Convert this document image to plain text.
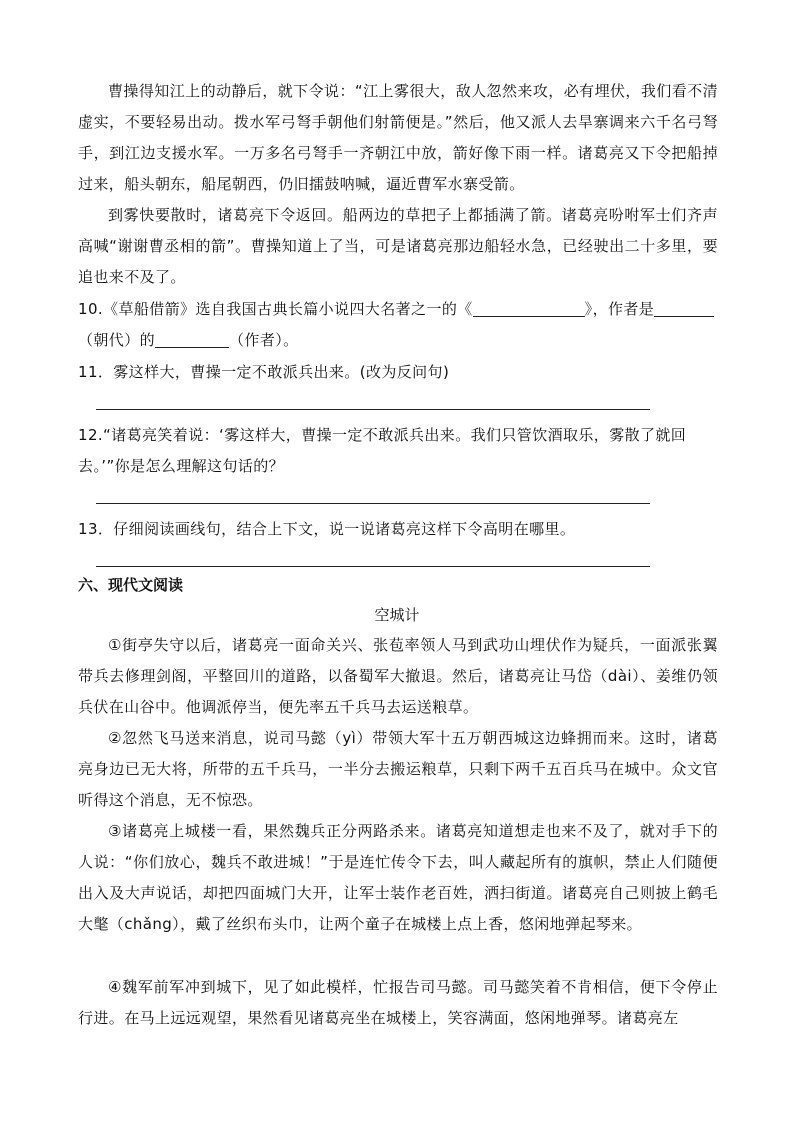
曹操得知江上的动静后，就下令说：“江上雾很大，敌人忽然来攻，必有埋伏，我们看不清虚实，不要轻易出动。拨水军弓弩手朝他们射箭便是。”然后，他又派人去旱寨调来六千名弓弩手，到江边支援水军。一万多名弓弩手一齐朝江中放，箭好像下雨一样。诸葛亮又下令把船掉过来，船头朝东，船尾朝西，仍旧擂鼓呐喊，逼近曹军水寨受箭。

到雾快要散时，诸葛亮下令返回。船两边的草把子上都插满了箭。诸葛亮吩咐军士们齐声高喊“谢谢曹丞相的箭”。曹操知道上了当，可是诸葛亮那边船轻水急，已经驶出二十多里，要追也来不及了。

10.《草船借箭》选自我国古典长篇小说四大名著之一的《	》，作者是
（朝代）的	（作者）。

11．雾这样大，曹操一定不敢派兵出来。(改为反问句)

12.“诸葛亮笑着说：‘雾这样大，曹操一定不敢派兵出来。我们只管饮酒取乐，雾散了就回去。’”你是怎么理解这句话的？

13．仔细阅读画线句，结合上下文，说一说诸葛亮这样下令高明在哪里。

六、现代文阅读

空城计

①街亭失守以后，诸葛亮一面命关兴、张苞率领人马到武功山埋伏作为疑兵，一面派张翼带兵去修理剑阁，平整回川的道路，以备蜀军大撤退。然后，诸葛亮让马岱（dài）、姜维仍领兵伏在山谷中。他调派停当，便先率五千兵马去运送粮草。

②忽然飞马送来消息，说司马懿（yì）带领大军十五万朝西城这边蜂拥而来。这时，诸葛亮身边已无大将，所带的五千兵马，一半分去搬运粮草，只剩下两千五百兵马在城中。众文官听得这个消息，无不惊恐。

③诸葛亮上城楼一看，果然魏兵正分两路杀来。诸葛亮知道想走也来不及了，就对手下的人说：“你们放心，魏兵不敢进城！”于是连忙传令下去，叫人藏起所有的旗帜，禁止人们随便出入及大声说话，却把四面城门大开，让军士装作老百姓，洒扫街道。诸葛亮自己则披上鹤毛大氅（chǎng），戴了丝织布头巾，让两个童子在城楼上点上香，悠闲地弹起琴来。

④魏军前军冲到城下，见了如此模样，忙报告司马懿。司马懿笑着不肯相信，便下令停止行进。在马上远远观望，果然看见诸葛亮坐在城楼上，笑容满面，悠闲地弹琴。诸葛亮左
